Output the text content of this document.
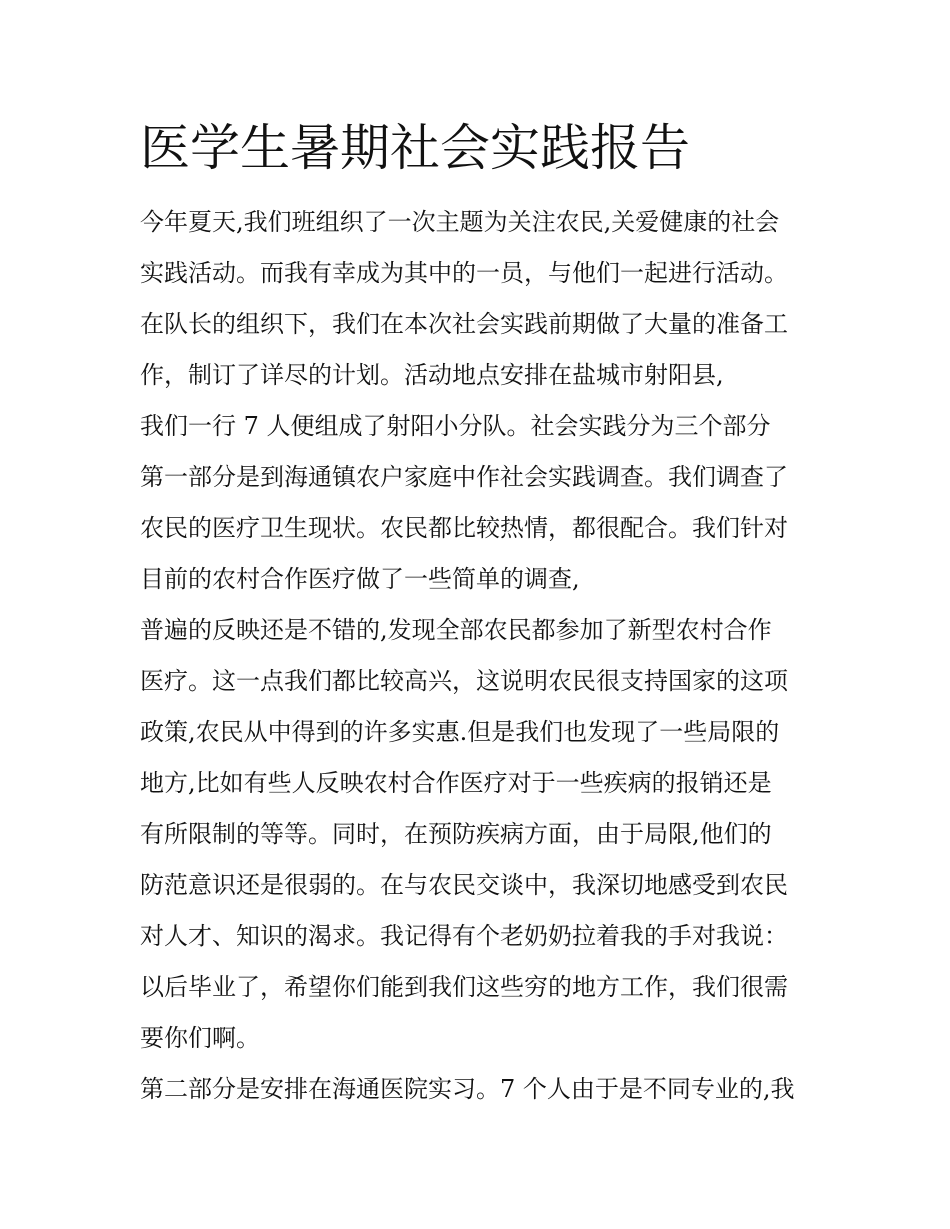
医学生暑期社会实践报告

今年夏天,我们班组织了一次主题为关注农民,关爱健康的社会

实践活动。而我有幸成为其中的一员，与他们一起进行活动。

在队长的组织下，我们在本次社会实践前期做了大量的准备工

作，制订了详尽的计划。活动地点安排在盐城市射阳县,

我们一行 7 人便组成了射阳小分队。社会实践分为三个部分

第一部分是到海通镇农户家庭中作社会实践调查。我们调查了

农民的医疗卫生现状。农民都比较热情，都很配合。我们针对

目前的农村合作医疗做了一些简单的调查,

普遍的反映还是不错的,发现全部农民都参加了新型农村合作

医疗。这一点我们都比较高兴，这说明农民很支持国家的这项

政策,农民从中得到的许多实惠.但是我们也发现了一些局限的

地方,比如有些人反映农村合作医疗对于一些疾病的报销还是

有所限制的等等。同时，在预防疾病方面，由于局限,他们的

防范意识还是很弱的。在与农民交谈中，我深切地感受到农民

对人才、知识的渴求。我记得有个老奶奶拉着我的手对我说：

以后毕业了，希望你们能到我们这些穷的地方工作，我们很需

要你们啊。

第二部分是安排在海通医院实习。7 个人由于是不同专业的,我
